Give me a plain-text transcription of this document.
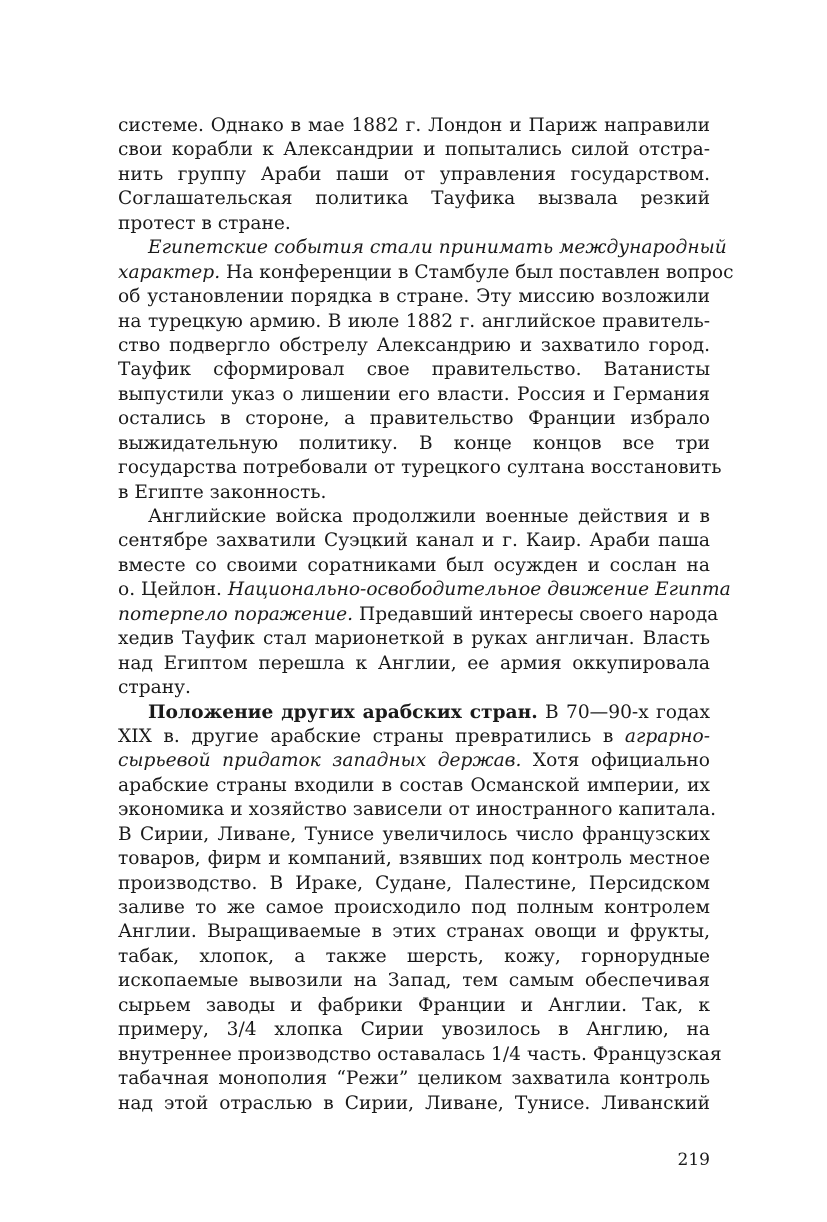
системе. Однако в мае 1882 г. Лондон и Париж направили
свои корабли к Александрии и попытались силой отстра-
нить группу Араби паши от управления государством.
Соглашательская политика Тауфика вызвала резкий
протест в стране.
Египетские события стали принимать международный
характер. На конференции в Стамбуле был поставлен вопрос
об установлении порядка в стране. Эту миссию возложили
на турецкую армию. В июле 1882 г. английское правитель-
ство подвергло обстрелу Александрию и захватило город.
Тауфик сформировал свое правительство. Ватанисты
выпустили указ о лишении его власти. Россия и Германия
остались в стороне, а правительство Франции избрало
выжидательную политику. В конце концов все три
государства потребовали от турецкого султана восстановить
в Египте законность.
Английские войска продолжили военные действия и в
сентябре захватили Суэцкий канал и г. Каир. Араби паша
вместе со своими соратниками был осужден и сослан на
о. Цейлон. Национально-освободительное движение Египта
потерпело поражение. Предавший интересы своего народа
хедив Тауфик стал марионеткой в руках англичан. Власть
над Египтом перешла к Англии, ее армия оккупировала
страну.
Положение других арабских стран. В 70—90-х годах
XIX в. другие арабские страны превратились в аграрно-
сырьевой придаток западных держав. Хотя официально
арабские страны входили в состав Османской империи, их
экономика и хозяйство зависели от иностранного капитала.
В Сирии, Ливане, Тунисе увеличилось число французских
товаров, фирм и компаний, взявших под контроль местное
производство. В Ираке, Судане, Палестине, Персидском
заливе то же самое происходило под полным контролем
Англии. Выращиваемые в этих странах овощи и фрукты,
табак, хлопок, а также шерсть, кожу, горнорудные
ископаемые вывозили на Запад, тем самым обеспечивая
сырьем заводы и фабрики Франции и Англии. Так, к
примеру, 3/4 хлопка Сирии увозилось в Англию, на
внутреннее производство оставалась 1/4 часть. Французская
табачная монополия “Режи” целиком захватила контроль
над этой отраслью в Сирии, Ливане, Тунисе. Ливанский
219
